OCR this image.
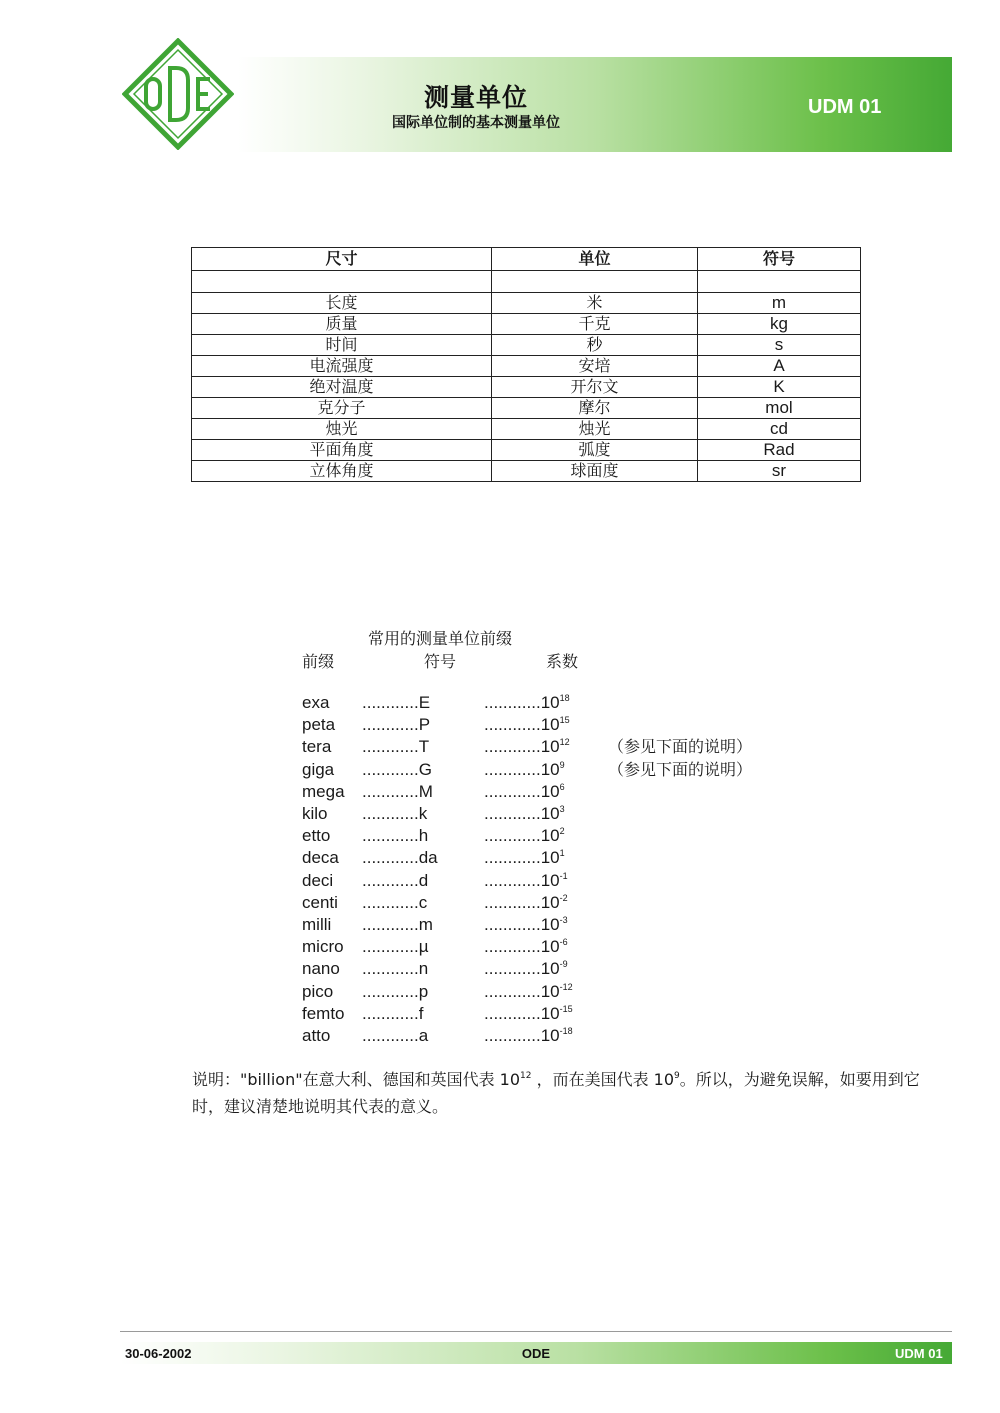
测量单位
国际单位制的基本测量单位
UDM 01
尺寸	单位	符号

长度	米	m
质量	千克	kg
时间	秒	s
电流强度	安培	A
绝对温度	开尔文	K
克分子	摩尔	mol
烛光	烛光	cd
平面角度	弧度	Rad
立体角度	球面度	sr
常用的测量单位前缀
前缀	符号	系数
exa	............E	............10$^{18}$
peta	............P	............10$^{15}$
tera	............T	............10$^{12}$ （参见下面的说明）
giga	............G	............10$^9$	（参见下面的说明）
mega	............M	............10$^6$
kilo	............k	............10$^3$
etto	............h	............10$^2$
deca	............da	............10$^1$
deci	............d	$............10^{-1}$
centi	............c	$............10^{-2}$
milli	............m	$............10^{-3}$
micro	............µ	$............10^{-6}$
nano	............n	$............10^{-9}$
pico	............p	$............10^{-12}$
femto	............f	$............10^{-15}$
atto	............a	$............10^{-18}$
说明："billion"在意大利、德国和英国代表 $10^{12}$ ，而在美国代表 $10^9$。所以，为避免误解，如要用到它时，建议清楚地说明其代表的意义。
30-06-2002	ODE	UDM 01
